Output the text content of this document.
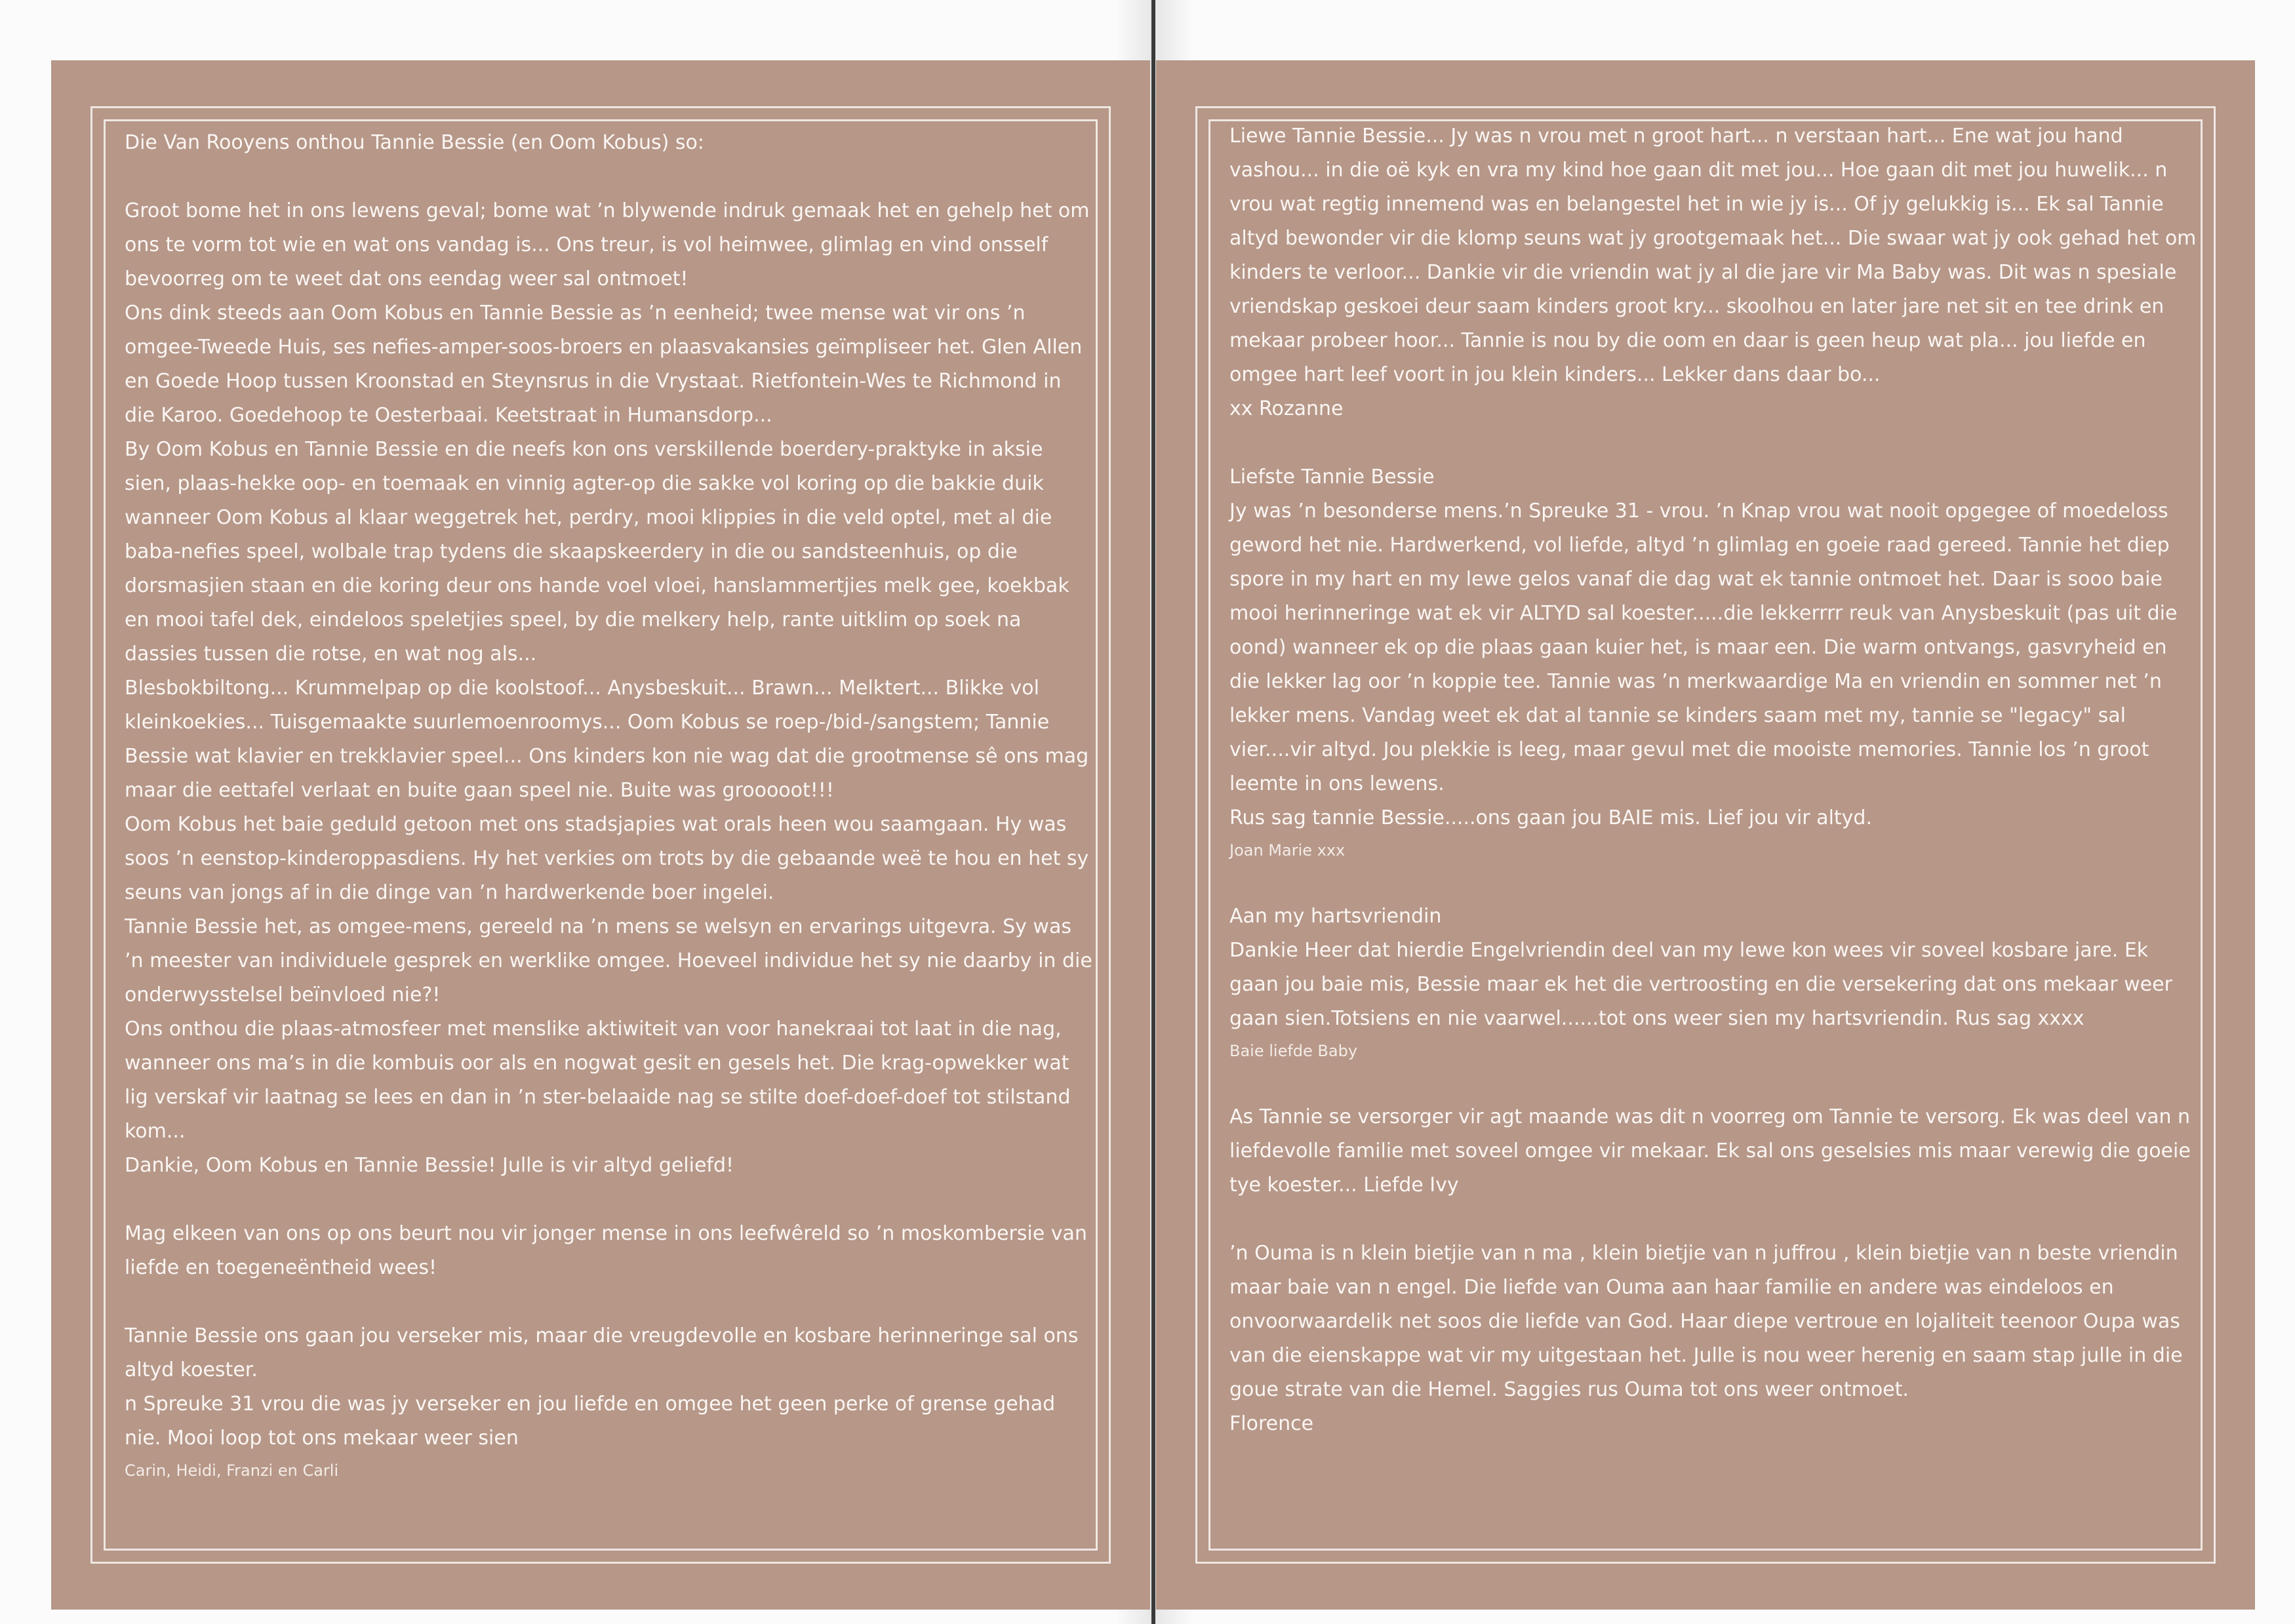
Die Van Rooyens onthou Tannie Bessie (en Oom Kobus) so:

Groot bome het in ons lewens geval; bome wat ’n blywende indruk gemaak het en gehelp het om ons te vorm tot wie en wat ons vandag is... Ons treur, is vol heimwee, glimlag en vind onsself bevoorreg om te weet dat ons eendag weer sal ontmoet!

Ons dink steeds aan Oom Kobus en Tannie Bessie as ’n eenheid; twee mense wat vir ons ’n omgee-Tweede Huis, ses nefies-amper-soos-broers en plaasvakansies geïmpliseer het. Glen Allen en Goede Hoop tussen Kroonstad en Steynsrus in die Vrystaat. Rietfontein-Wes te Richmond in die Karoo. Goedehoop te Oesterbaai. Keetstraat in Humansdorp...

By Oom Kobus en Tannie Bessie en die neefs kon ons verskillende boerdery-praktyke in aksie sien, plaas-hekke oop- en toemaak en vinnig agter-op die sakke vol koring op die bakkie duik wanneer Oom Kobus al klaar weggetrek het, perdry, mooi klippies in die veld optel, met al die baba-nefies speel, wolbale trap tydens die skaapskeerdery in die ou sandsteenhuis, op die dorsmasjien staan en die koring deur ons hande voel vloei, hanslammertjies melk gee, koekbak en mooi tafel dek, eindeloos speletjies speel, by die melkery help, rante uitklim op soek na dassies tussen die rotse, en wat nog als...

Blesbokbiltong... Krummelpap op die koolstoof... Anysbeskuit... Brawn... Melktert... Blikke vol kleinkoekies... Tuisgemaakte suurlemoenroomys... Oom Kobus se roep-/bid-/sangstem; Tannie Bessie wat klavier en trekklavier speel... Ons kinders kon nie wag dat die grootmense sê ons mag maar die eettafel verlaat en buite gaan speel nie. Buite was grooooot!!!

Oom Kobus het baie geduld getoon met ons stadsjapies wat orals heen wou saamgaan. Hy was soos ’n eenstop-kinderoppasdiens. Hy het verkies om trots by die gebaande weë te hou en het sy seuns van jongs af in die dinge van ’n hardwerkende boer ingelei.

Tannie Bessie het, as omgee-mens, gereeld na ’n mens se welsyn en ervarings uitgevra. Sy was ’n meester van individuele gesprek en werklike omgee. Hoeveel individue het sy nie daarby in die onderwysstelsel beïnvloed nie?!

Ons onthou die plaas-atmosfeer met menslike aktiwiteit van voor hanekraai tot laat in die nag, wanneer ons ma’s in die kombuis oor als en nogwat gesit en gesels het. Die krag-opwekker wat lig verskaf vir laatnag se lees en dan in ’n ster-belaaide nag se stilte doef-doef-doef tot stilstand kom...

Dankie, Oom Kobus en Tannie Bessie! Julle is vir altyd geliefd!

Mag elkeen van ons op ons beurt nou vir jonger mense in ons leefwêreld so ’n moskombersie van liefde en toegeneëntheid wees!

Tannie Bessie ons gaan jou verseker mis, maar die vreugdevolle en kosbare herinneringe sal ons altyd koester.

n Spreuke 31 vrou die was jy verseker en jou liefde en omgee het geen perke of grense gehad nie. Mooi loop tot ons mekaar weer sien

Carin, Heidi, Franzi en Carli

Liewe Tannie Bessie... Jy was n vrou met n groot hart... n verstaan hart... Ene wat jou hand vashou... in die oë kyk en vra my kind hoe gaan dit met jou... Hoe gaan dit met jou huwelik... n vrou wat regtig innemend was en belangestel het in wie jy is... Of jy gelukkig is... Ek sal Tannie altyd bewonder vir die klomp seuns wat jy grootgemaak het... Die swaar wat jy ook gehad het om kinders te verloor... Dankie vir die vriendin wat jy al die jare vir Ma Baby was. Dit was n spesiale vriendskap geskoei deur saam kinders groot kry... skoolhou en later jare net sit en tee drink en mekaar probeer hoor... Tannie is nou by die oom en daar is geen heup wat pla... jou liefde en omgee hart leef voort in jou klein kinders... Lekker dans daar bo...

xx Rozanne

Liefste Tannie Bessie

Jy was ’n besonderse mens.’n Spreuke 31 - vrou. ’n Knap vrou wat nooit opgegee of moedeloss geword het nie. Hardwerkend, vol liefde, altyd ’n glimlag en goeie raad gereed. Tannie het diep spore in my hart en my lewe gelos vanaf die dag wat ek tannie ontmoet het. Daar is sooo baie mooi herinneringe wat ek vir ALTYD sal koester.....die lekkerrrr reuk van Anysbeskuit (pas uit die oond) wanneer ek op die plaas gaan kuier het, is maar een. Die warm ontvangs, gasvryheid en die lekker lag oor ’n koppie tee. Tannie was ’n merkwaardige Ma en vriendin en sommer net ’n lekker mens. Vandag weet ek dat al tannie se kinders saam met my, tannie se "legacy" sal vier....vir altyd. Jou plekkie is leeg, maar gevul met die mooiste memories. Tannie los ’n groot leemte in ons lewens.

Rus sag tannie Bessie.....ons gaan jou BAIE mis. Lief jou vir altyd.

Joan Marie xxx

Aan my hartsvriendin

Dankie Heer dat hierdie Engelvriendin deel van my lewe kon wees vir soveel kosbare jare. Ek gaan jou baie mis, Bessie maar ek het die vertroosting en die versekering dat ons mekaar weer gaan sien.Totsiens en nie vaarwel......tot ons weer sien my hartsvriendin. Rus sag xxxx

Baie liefde Baby

As Tannie se versorger vir agt maande was dit n voorreg om Tannie te versorg. Ek was deel van n liefdevolle familie met soveel omgee vir mekaar. Ek sal ons geselsies mis maar verewig die goeie tye koester... Liefde Ivy

’n Ouma is n klein bietjie van n ma , klein bietjie van n juffrou , klein bietjie van n beste vriendin maar baie van n engel. Die liefde van Ouma aan haar familie en andere was eindeloos en onvoorwaardelik net soos die liefde van God. Haar diepe vertroue en lojaliteit teenoor Oupa was van die eienskappe wat vir my uitgestaan het. Julle is nou weer herenig en saam stap julle in die goue strate van die Hemel. Saggies rus Ouma tot ons weer ontmoet.

Florence
